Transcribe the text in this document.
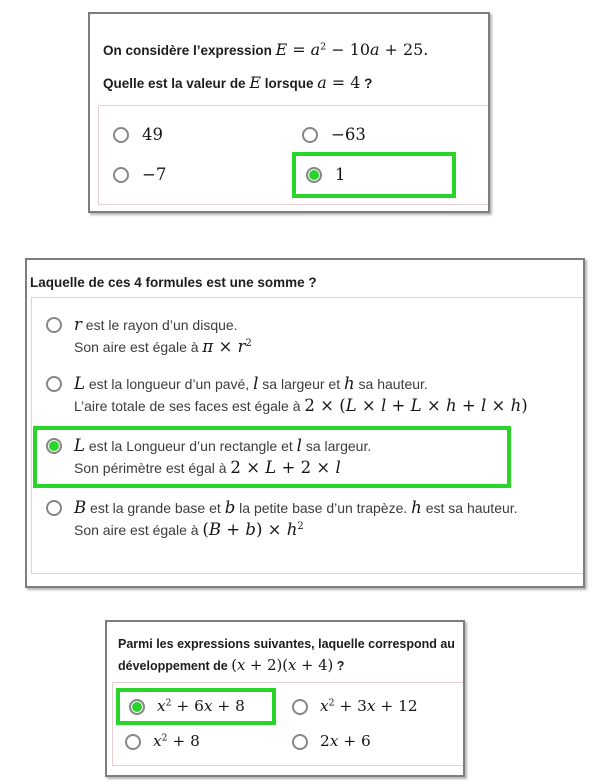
On considère l’expression $E = a^2 - 10a + 25$.
Quelle est la valeur de E lorsque a = 4 ?
49	−63
−7	1
Laquelle de ces 4 formules est une somme ?
r est le rayon d’un disque.
Son aire est égale à $\pi \times r^2$
L est la longueur d’un pavé, l sa largeur et h sa hauteur.
L’aire totale de ses faces est égale à 2 × (L × l + L × h + l × h)
L est la Longueur d’un rectangle et l sa largeur.
Son périmètre est égal à 2 × L + 2 × l
B est la grande base et b la petite base d’un trapèze. h est sa hauteur.
Son aire est égale à $(B + b) \times h^2$
Parmi les expressions suivantes, laquelle correspond au
développement de (x + 2)(x + 4) ?
$x^2 + 6x + 8$	$x^2 + 3x + 12$
$x^2 + 8$	2x + 6
